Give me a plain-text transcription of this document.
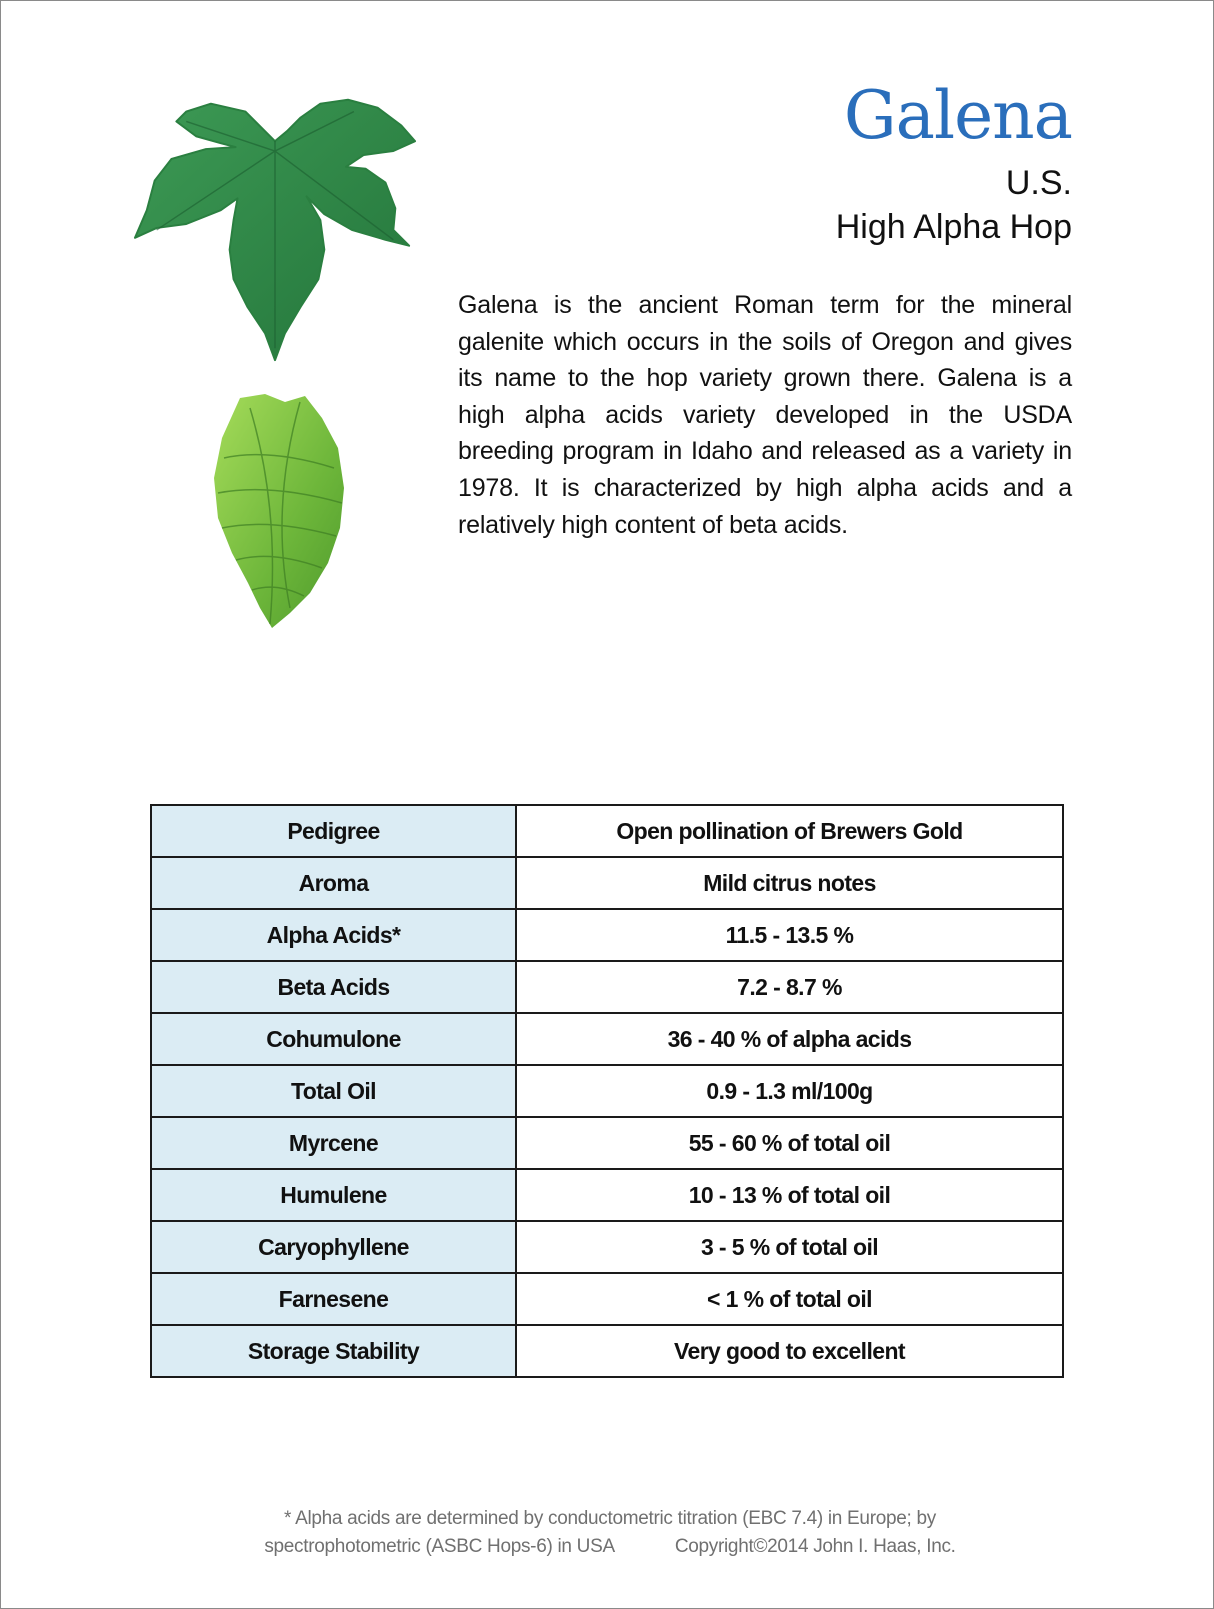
Galena
U.S.
High Alpha Hop
Galena is the ancient Roman term for the mineral galenite which occurs in the soils of Oregon and gives its name to the hop variety grown there. Galena is a high alpha acids variety developed in the USDA breeding program in Idaho and released as a variety in 1978. It is characterized by high alpha acids and a relatively high content of beta acids.
Pedigree	Open pollination of Brewers Gold
Aroma	Mild citrus notes
Alpha Acids*	11.5 - 13.5 %
Beta Acids	7.2 - 8.7 %
Cohumulone	36 - 40 % of alpha acids
Total Oil	0.9 - 1.3 ml/100g
Myrcene	55 - 60 % of total oil
Humulene	10 - 13 % of total oil
Caryophyllene	3 - 5 % of total oil
Farnesene	< 1 % of total oil
Storage Stability	Very good to excellent
* Alpha acids are determined by conductometric titration (EBC 7.4) in Europe; by
spectrophotometric (ASBC Hops-6) in USA	Copyright©2014 John I. Haas, Inc.
